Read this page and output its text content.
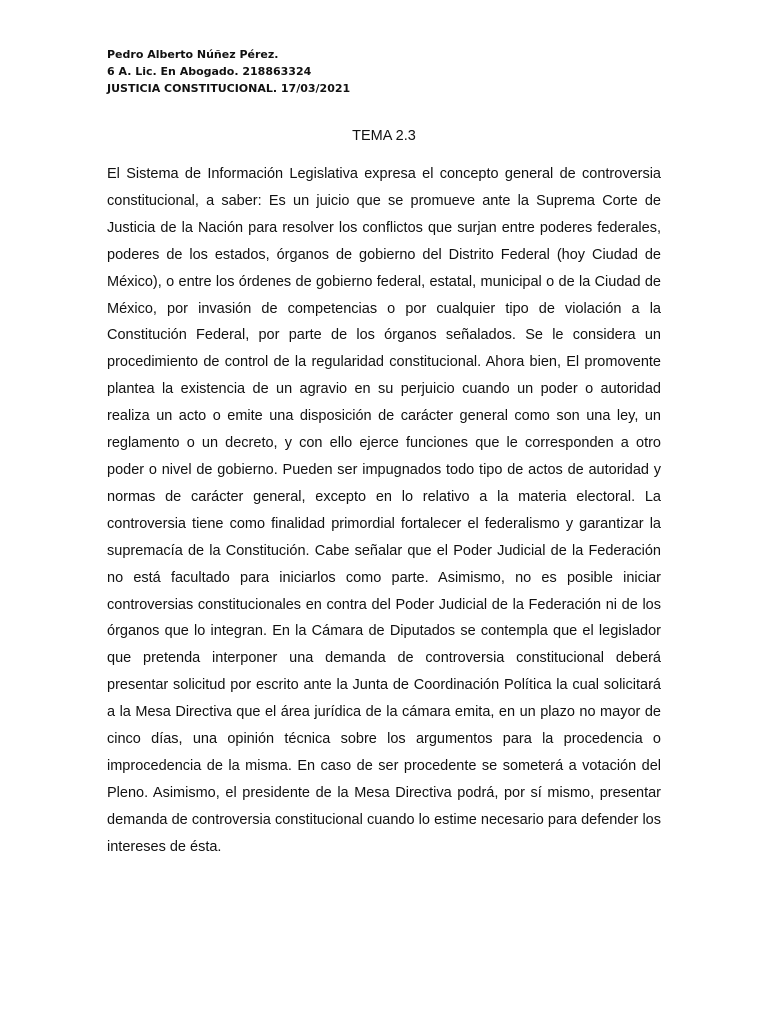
Pedro Alberto Núñez Pérez.
6 A. Lic. En Abogado. 218863324
JUSTICIA CONSTITUCIONAL. 17/03/2021
TEMA 2.3

El Sistema de Información Legislativa expresa el concepto general de controversia constitucional, a saber: Es un juicio que se promueve ante la Suprema Corte de Justicia de la Nación para resolver los conflictos que surjan entre poderes federales, poderes de los estados, órganos de gobierno del Distrito Federal (hoy Ciudad de México), o entre los órdenes de gobierno federal, estatal, municipal o de la Ciudad de México, por invasión de competencias o por cualquier tipo de violación a la Constitución Federal, por parte de los órganos señalados. Se le considera un procedimiento de control de la regularidad constitucional. Ahora bien, El promovente plantea la existencia de un agravio en su perjuicio cuando un poder o autoridad realiza un acto o emite una disposición de carácter general como son una ley, un reglamento o un decreto, y con ello ejerce funciones que le corresponden a otro poder o nivel de gobierno. Pueden ser impugnados todo tipo de actos de autoridad y normas de carácter general, excepto en lo relativo a la materia electoral. La controversia tiene como finalidad primordial fortalecer el federalismo y garantizar la supremacía de la Constitución. Cabe señalar que el Poder Judicial de la Federación no está facultado para iniciarlos como parte. Asimismo, no es posible iniciar controversias constitucionales en contra del Poder Judicial de la Federación ni de los órganos que lo integran. En la Cámara de Diputados se contempla que el legislador que pretenda interponer una demanda de controversia constitucional deberá presentar solicitud por escrito ante la Junta de Coordinación Política la cual solicitará a la Mesa Directiva que el área jurídica de la cámara emita, en un plazo no mayor de cinco días, una opinión técnica sobre los argumentos para la procedencia o improcedencia de la misma. En caso de ser procedente se someterá a votación del Pleno. Asimismo, el presidente de la Mesa Directiva podrá, por sí mismo, presentar demanda de controversia constitucional cuando lo estime necesario para defender los intereses de ésta.
